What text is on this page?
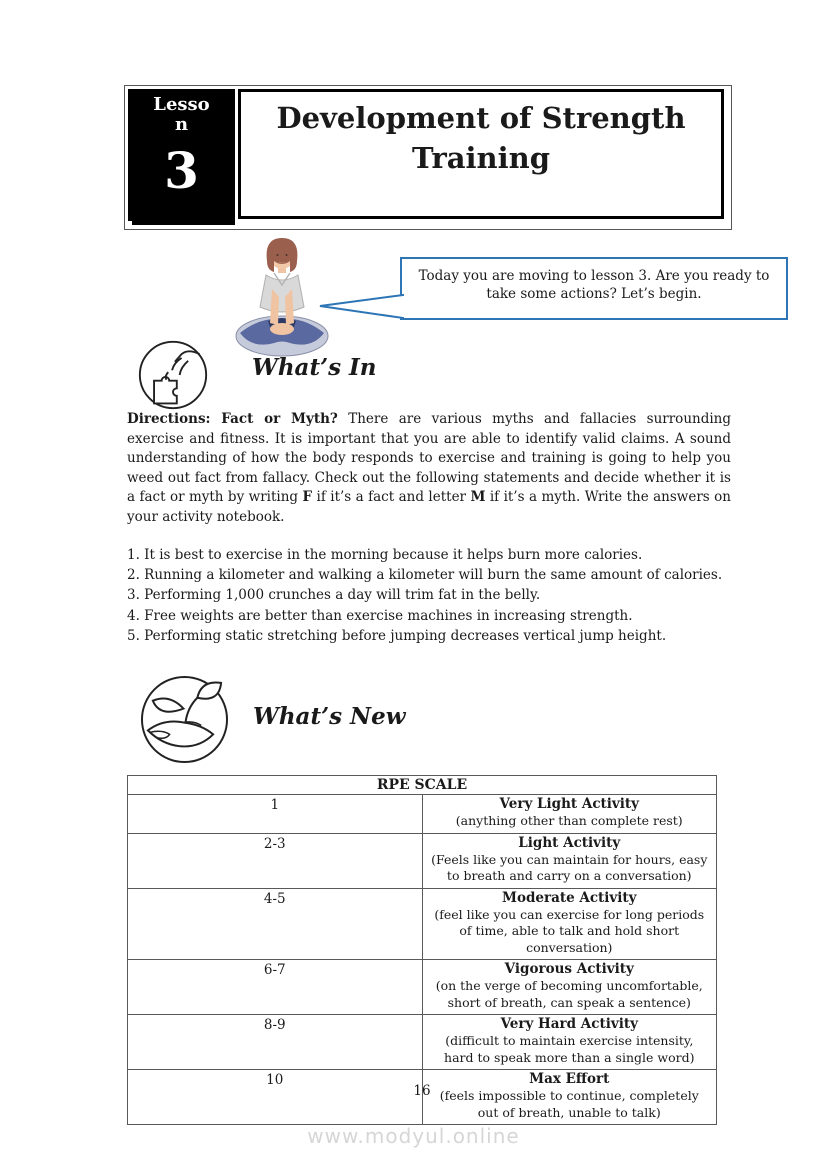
Lesso
n
3
Development of Strength Training
Today you are moving to lesson 3. Are you ready to take some actions? Let’s begin.
What’s In
Directions: Fact or Myth? There are various myths and fallacies surrounding exercise and fitness. It is important that you are able to identify valid claims. A sound understanding of how the body responds to exercise and training is going to help you weed out fact from fallacy. Check out the following statements and decide whether it is a fact or myth by writing F if it’s a fact and letter M if it’s a myth. Write the answers on your activity notebook.
1. It is best to exercise in the morning because it helps burn more calories.
2. Running a kilometer and walking a kilometer will burn the same amount of calories.
3. Performing 1,000 crunches a day will trim fat in the belly.
4. Free weights are better than exercise machines in increasing strength.
5. Performing static stretching before jumping decreases vertical jump height.
What’s New
RPE SCALE	
1	Very Light Activity
(anything other than complete rest)

2-3	Light Activity
(Feels like you can maintain for hours, easy to breath and carry on a conversation)

4-5	Moderate Activity
(feel like you can exercise for long periods of time, able to talk and hold short conversation)

6-7	Vigorous Activity
(on the verge of becoming uncomfortable, short of breath, can speak a sentence)

8-9	Very Hard Activity
(difficult to maintain exercise intensity, hard to speak more than a single word)

10	Max Effort
(feels impossible to continue, completely out of breath, unable to talk)
16
www.modyul.online
